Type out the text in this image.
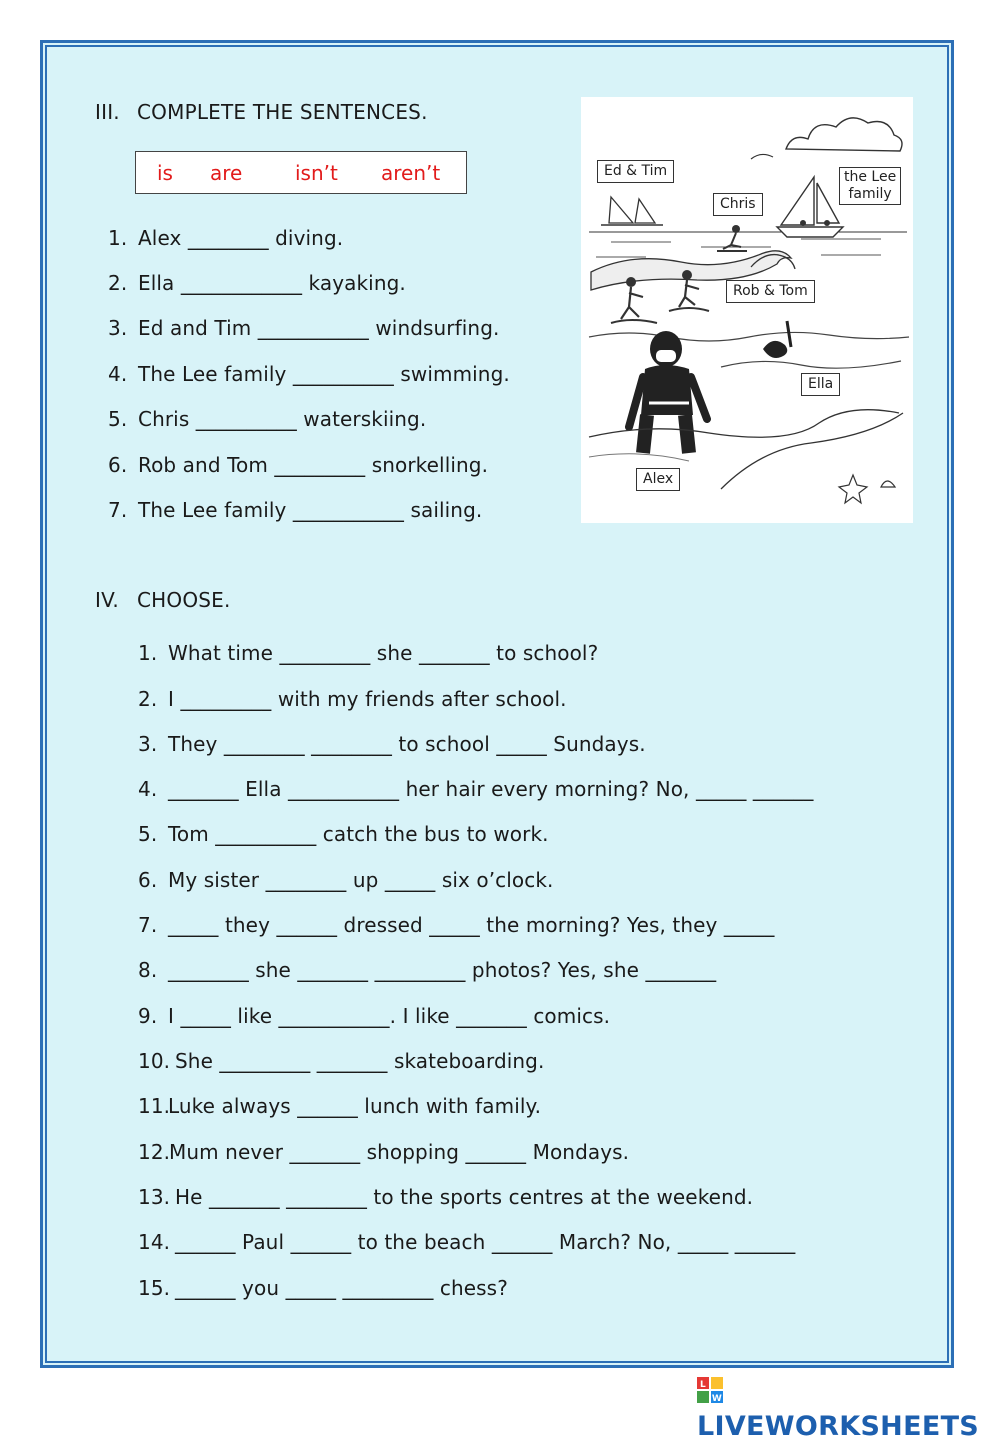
III. COMPLETE THE SENTENCES.
is are	isn’t aren’t
1. Alex ________ diving.
2. Ella ____________ kayaking.
3. Ed and Tim ___________ windsurfing.
4. The Lee family __________ swimming.
5. Chris __________ waterskiing.
6. Rob and Tom _________ snorkelling.
7. The Lee family ___________ sailing.
Ed & Tim
Chris
the Lee
family
Rob & Tom
Ella
Alex
IV. CHOOSE.
1. What time _________ she _______ to school?
2. I _________ with my friends after school.
3. They ________ ________ to school _____ Sundays.
4. _______ Ella ___________ her hair every morning? No, _____ ______
5. Tom __________ catch the bus to work.
6. My sister ________ up _____ six o’clock.
7. _____ they ______ dressed _____ the morning? Yes, they _____
8. ________ she _______ _________ photos? Yes, she _______
9. I _____ like ___________. I like _______ comics.
10. She _________ _______ skateboarding.
11.Luke always ______ lunch with family.
12.Mum never _______ shopping ______ Mondays.
13. He _______ ________ to the sports centres at the weekend.
14. ______ Paul ______ to the beach ______ March? No, _____ ______
15. ______ you _____ _________ chess?
L
W
LIVEWORKSHEETS
